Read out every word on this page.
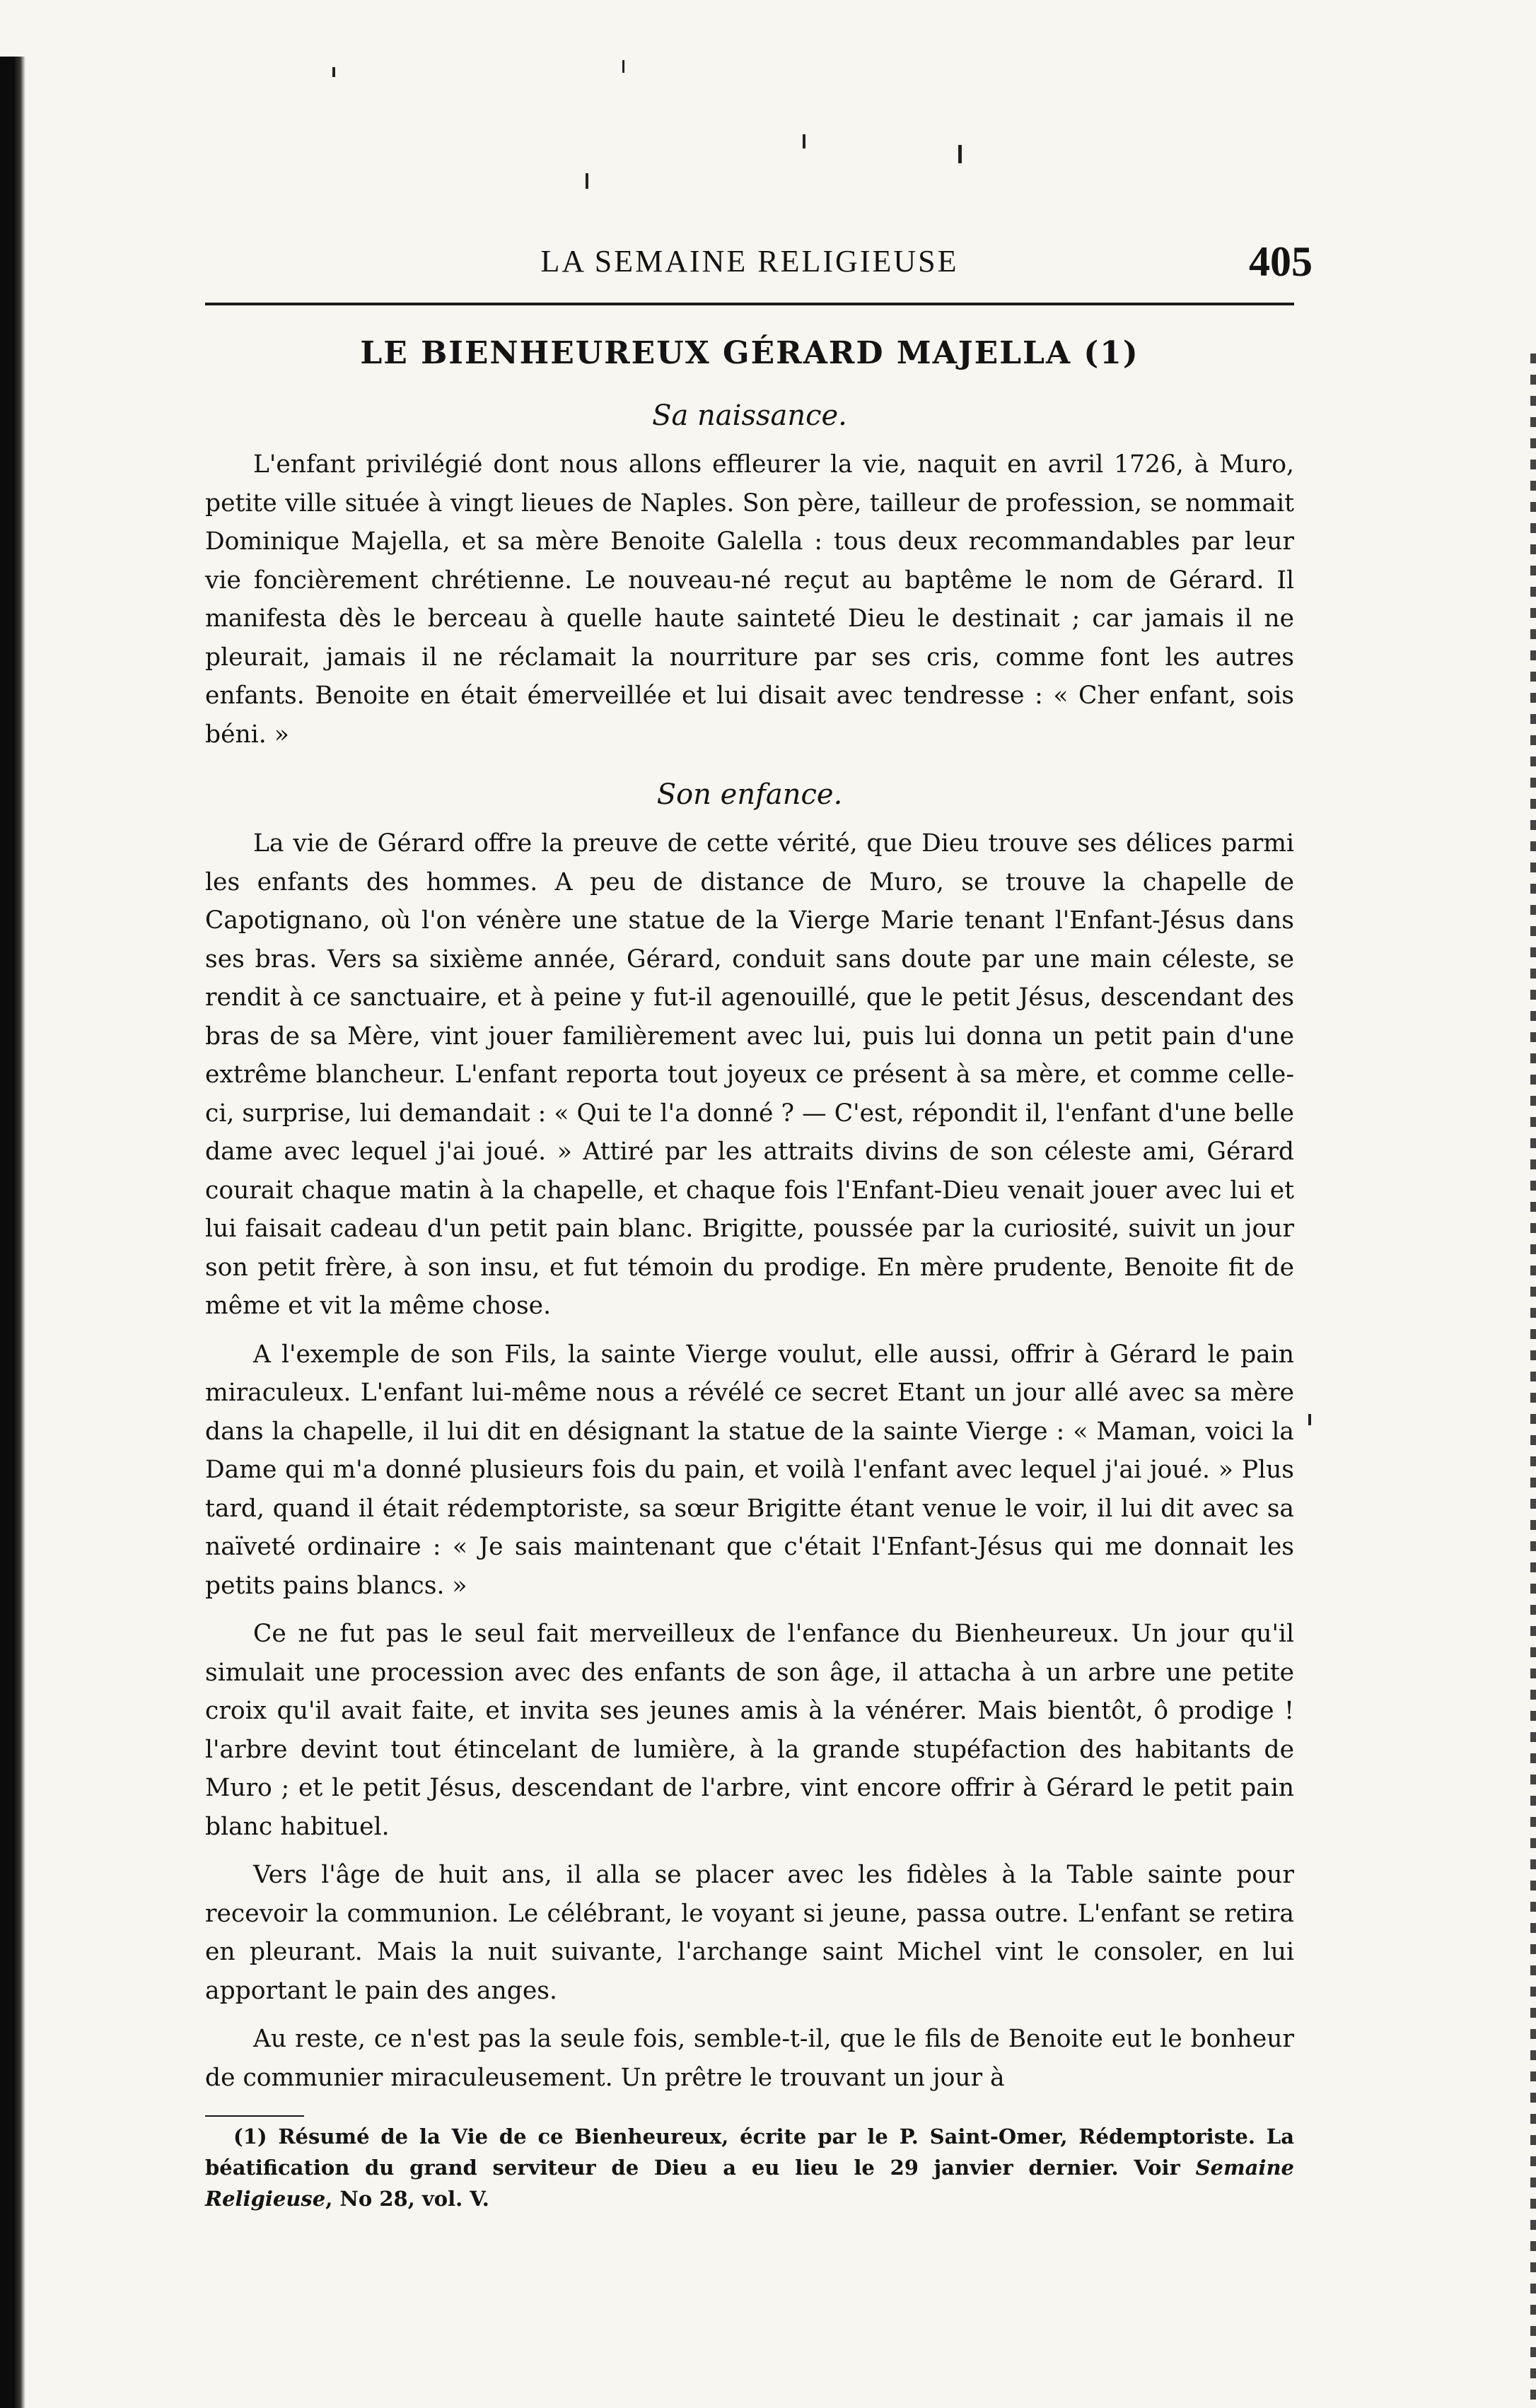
LA SEMAINE RELIGIEUSE	405
LE BIENHEUREUX GÉRARD MAJELLA (1)
Sa naissance.

L'enfant privilégié dont nous allons effleurer la vie, naquit en avril 1726, à Muro, petite ville située à vingt lieues de Naples. Son père, tailleur de profession, se nommait Dominique Majella, et sa mère Benoite Galella : tous deux recommandables par leur vie foncièrement chrétienne. Le nouveau-né reçut au baptême le nom de Gérard. Il manifesta dès le berceau à quelle haute sainteté Dieu le destinait ; car jamais il ne pleurait, jamais il ne réclamait la nourriture par ses cris, comme font les autres enfants. Benoite en était émerveillée et lui disait avec tendresse : « Cher enfant, sois béni. »

Son enfance.

La vie de Gérard offre la preuve de cette vérité, que Dieu trouve ses délices parmi les enfants des hommes. A peu de distance de Muro, se trouve la chapelle de Capotignano, où l'on vénère une statue de la Vierge Marie tenant l'Enfant-Jésus dans ses bras. Vers sa sixième année, Gérard, conduit sans doute par une main céleste, se rendit à ce sanctuaire, et à peine y fut-il agenouillé, que le petit Jésus, descendant des bras de sa Mère, vint jouer familièrement avec lui, puis lui donna un petit pain d'une extrême blancheur. L'enfant reporta tout joyeux ce présent à sa mère, et comme celle-ci, surprise, lui demandait : « Qui te l'a donné ? — C'est, répondit il, l'enfant d'une belle dame avec lequel j'ai joué. » Attiré par les attraits divins de son céleste ami, Gérard courait chaque matin à la chapelle, et chaque fois l'Enfant-Dieu venait jouer avec lui et lui faisait cadeau d'un petit pain blanc. Brigitte, poussée par la curiosité, suivit un jour son petit frère, à son insu, et fut témoin du prodige. En mère prudente, Benoite fit de même et vit la même chose.

A l'exemple de son Fils, la sainte Vierge voulut, elle aussi, offrir à Gérard le pain miraculeux. L'enfant lui-même nous a révélé ce secret Etant un jour allé avec sa mère dans la chapelle, il lui dit en désignant la statue de la sainte Vierge : « Maman, voici la Dame qui m'a donné plusieurs fois du pain, et voilà l'enfant avec lequel j'ai joué. » Plus tard, quand il était rédemptoriste, sa sœur Brigitte étant venue le voir, il lui dit avec sa naïveté ordinaire : « Je sais maintenant que c'était l'Enfant-Jésus qui me donnait les petits pains blancs. »

Ce ne fut pas le seul fait merveilleux de l'enfance du Bienheureux. Un jour qu'il simulait une procession avec des enfants de son âge, il attacha à un arbre une petite croix qu'il avait faite, et invita ses jeunes amis à la vénérer. Mais bientôt, ô prodige ! l'arbre devint tout étincelant de lumière, à la grande stupéfaction des habitants de Muro ; et le petit Jésus, descendant de l'arbre, vint encore offrir à Gérard le petit pain blanc habituel.

Vers l'âge de huit ans, il alla se placer avec les fidèles à la Table sainte pour recevoir la communion. Le célébrant, le voyant si jeune, passa outre. L'enfant se retira en pleurant. Mais la nuit suivante, l'archange saint Michel vint le consoler, en lui apportant le pain des anges.

Au reste, ce n'est pas la seule fois, semble-t-il, que le fils de Benoite eut le bonheur de communier miraculeusement. Un prêtre le trouvant un jour à

(1) Résumé de la Vie de ce Bienheureux, écrite par le P. Saint-Omer, Rédemptoriste. La béatification du grand serviteur de Dieu a eu lieu le 29 janvier dernier. Voir Semaine Religieuse, No 28, vol. V.
